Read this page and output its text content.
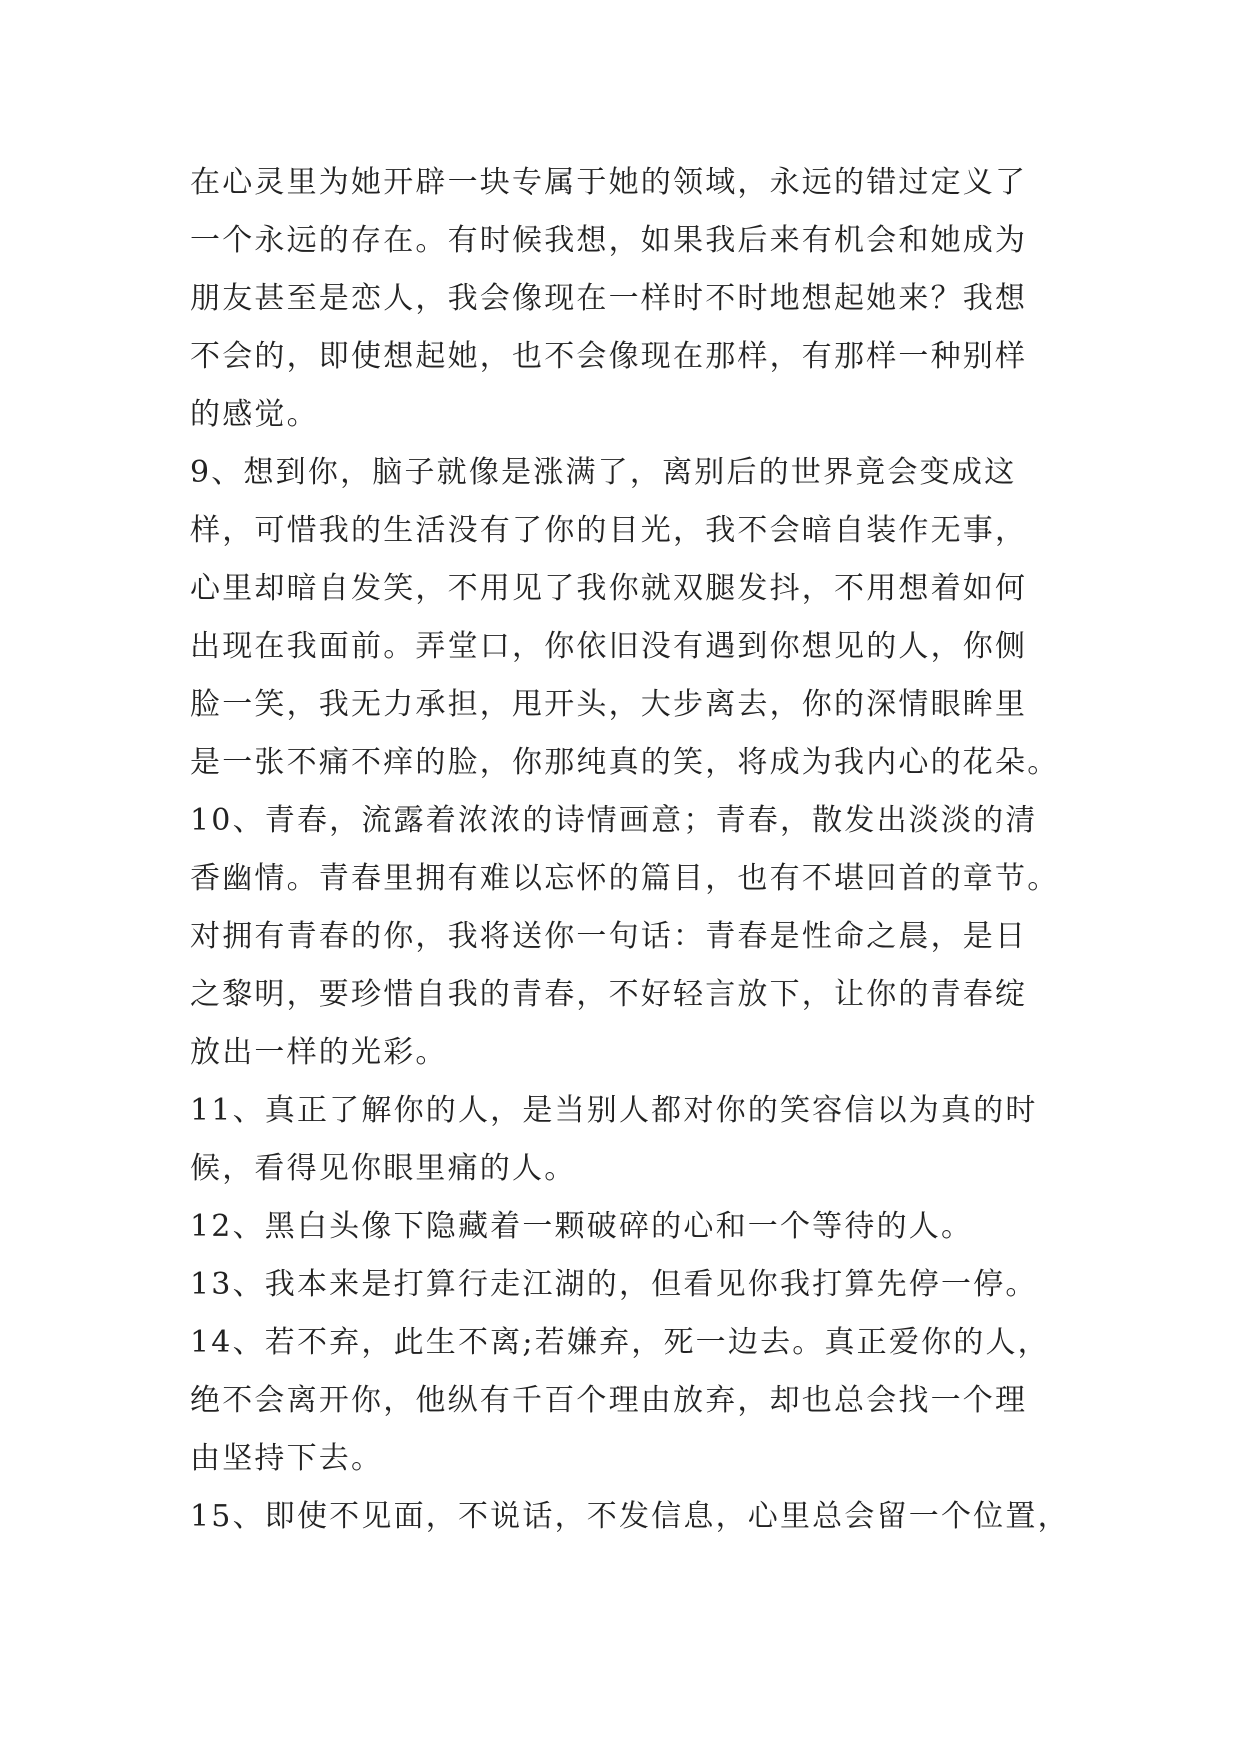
在心灵里为她开辟一块专属于她的领域，永远的错过定义了
一个永远的存在。有时候我想，如果我后来有机会和她成为
朋友甚至是恋人，我会像现在一样时不时地想起她来？我想
不会的，即使想起她，也不会像现在那样，有那样一种别样
的感觉。
9、想到你，脑子就像是涨满了，离别后的世界竟会变成这
样，可惜我的生活没有了你的目光，我不会暗自装作无事，
心里却暗自发笑，不用见了我你就双腿发抖，不用想着如何
出现在我面前。弄堂口，你依旧没有遇到你想见的人，你侧
脸一笑，我无力承担，甩开头，大步离去，你的深情眼眸里
是一张不痛不痒的脸，你那纯真的笑，将成为我内心的花朵。
10、青春，流露着浓浓的诗情画意；青春，散发出淡淡的清
香幽情。青春里拥有难以忘怀的篇目，也有不堪回首的章节。
对拥有青春的你，我将送你一句话：青春是性命之晨，是日
之黎明，要珍惜自我的青春，不好轻言放下，让你的青春绽
放出一样的光彩。
11、真正了解你的人，是当别人都对你的笑容信以为真的时
候，看得见你眼里痛的人。
12、黑白头像下隐藏着一颗破碎的心和一个等待的人。
13、我本来是打算行走江湖的，但看见你我打算先停一停。
14、若不弃，此生不离;若嫌弃，死一边去。真正爱你的人，
绝不会离开你，他纵有千百个理由放弃，却也总会找一个理
由坚持下去。
15、即使不见面，不说话，不发信息，心里总会留一个位置，
